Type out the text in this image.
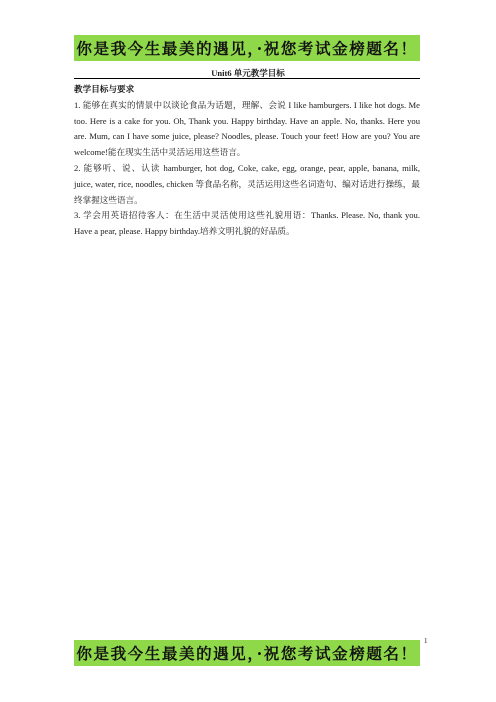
你是我今生最美的遇见，·祝您考试金榜题名！
Unit6 单元教学目标

教学目标与要求

1. 能够在真实的情景中以谈论食品为话题，理解、会说 I like hamburgers. I like hot dogs. Me too. Here is a cake for you. Oh, Thank you. Happy birthday. Have an apple. No, thanks. Here you are. Mum, can I have some juice, please? Noodles, please. Touch your feet! How are you? You are welcome!能在现实生活中灵活运用这些语言。

2. 能够听、说、认读 hamburger, hot dog, Coke, cake, egg, orange, pear, apple, banana, milk, juice, water, rice, noodles, chicken 等食品名称，灵活运用这些名词造句、编对话进行操练，最终掌握这些语言。

3. 学会用英语招待客人：在生活中灵活使用这些礼貌用语：Thanks. Please. No, thank you. Have a pear, please. Happy birthday.培养文明礼貌的好品质。

你是我今生最美的遇见，·祝您考试金榜题名！
1
